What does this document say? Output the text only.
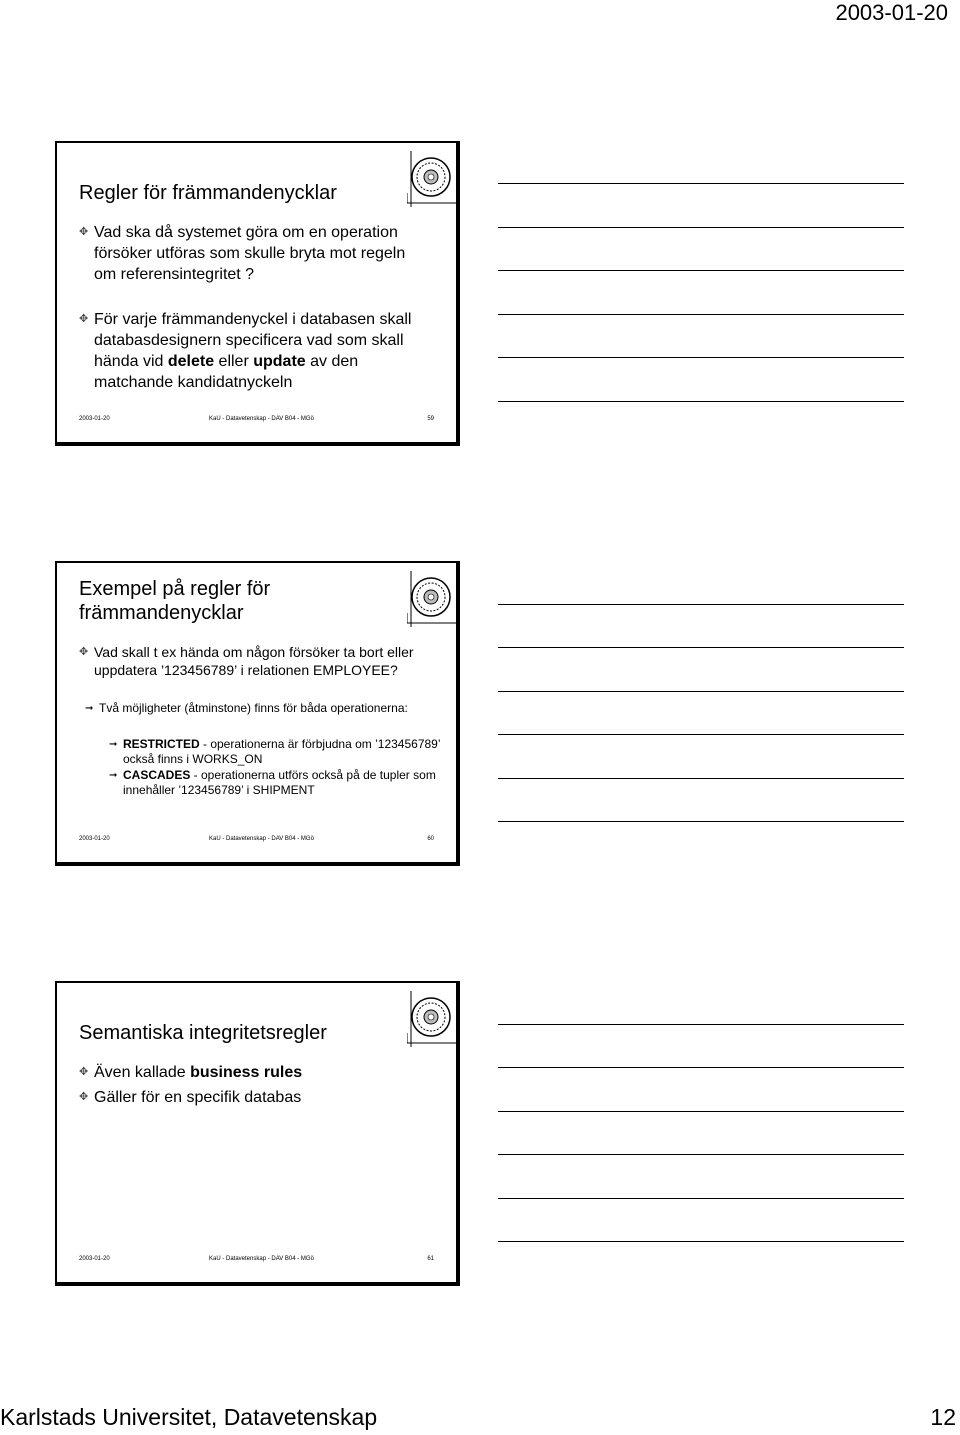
2003-01-20
Regler för främmandenycklar
✥ Vad ska då systemet göra om en operation
försöker utföras som skulle bryta mot regeln
om referensintegritet ?
✥ För varje främmandenyckel i databasen skall
databasdesignern specificera vad som skall
hända vid delete eller update av den
matchande kandidatnyckeln
2003-01-20	KaU - Datavetenskap - DAV B04 - MGö	59
Exempel på regler för främmandenycklar
✥ Vad skall t ex hända om någon försöker ta bort eller
uppdatera ’123456789’ i relationen EMPLOYEE?
➞ Två möjligheter (åtminstone) finns för båda operationerna:
➞ RESTRICTED - operationerna är förbjudna om ’123456789’
också finns i WORKS_ON
➞ CASCADES - operationerna utförs också på de tupler som
innehåller ’123456789’ i SHIPMENT
2003-01-20	KaU - Datavetenskap - DAV B04 - MGö	60
Semantiska integritetsregler
✥ Även kallade business rules
✥ Gäller för en specifik databas
2003-01-20	KaU - Datavetenskap - DAV B04 - MGö	61
Karlstads Universitet, Datavetenskap	12
